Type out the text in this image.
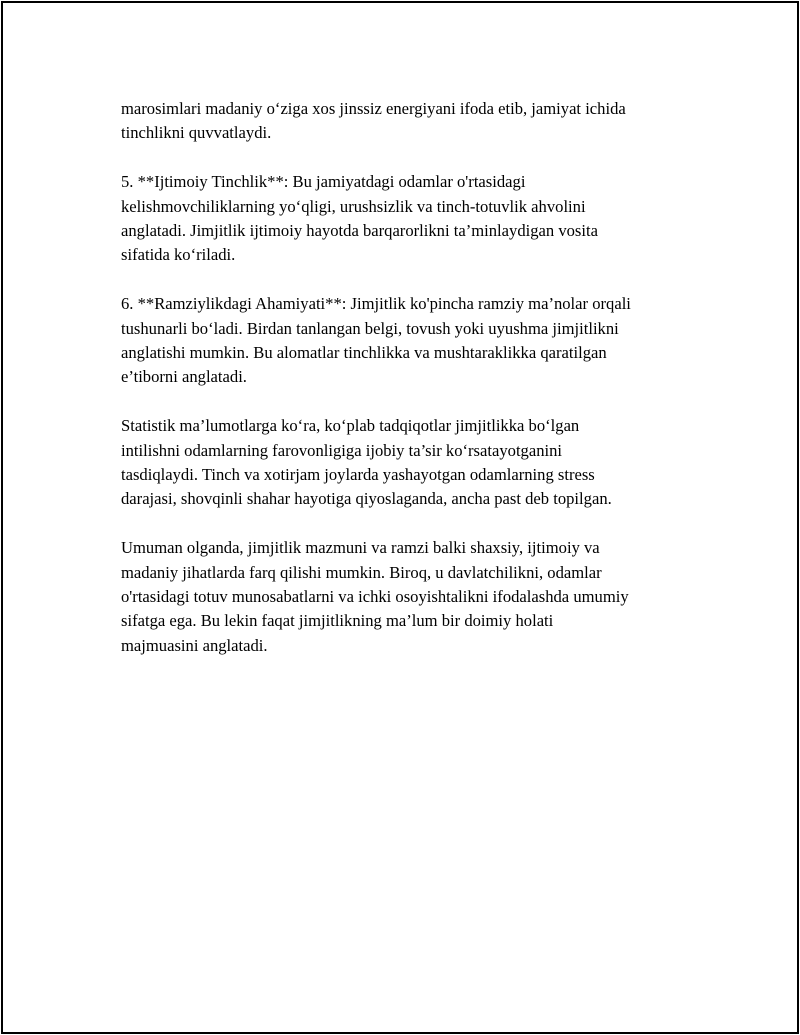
marosimlari madaniy o‘ziga xos jinssiz energiyani ifoda etib, jamiyat ichida
tinchlikni quvvatlaydi.

5. **Ijtimoiy Tinchlik**: Bu jamiyatdagi odamlar o'rtasidagi
kelishmovchiliklarning yo‘qligi, urushsizlik va tinch-totuvlik ahvolini
anglatadi. Jimjitlik ijtimoiy hayotda barqarorlikni ta’minlaydigan vosita
sifatida ko‘riladi.

6. **Ramziylikdagi Ahamiyati**: Jimjitlik ko'pincha ramziy ma’nolar orqali
tushunarli bo‘ladi. Birdan tanlangan belgi, tovush yoki uyushma jimjitlikni
anglatishi mumkin. Bu alomatlar tinchlikka va mushtaraklikka qaratilgan
e’tiborni anglatadi.

Statistik ma’lumotlarga ko‘ra, ko‘plab tadqiqotlar jimjitlikka bo‘lgan
intilishni odamlarning farovonligiga ijobiy ta’sir ko‘rsatayotganini
tasdiqlaydi. Tinch va xotirjam joylarda yashayotgan odamlarning stress
darajasi, shovqinli shahar hayotiga qiyoslaganda, ancha past deb topilgan.

Umuman olganda, jimjitlik mazmuni va ramzi balki shaxsiy, ijtimoiy va
madaniy jihatlarda farq qilishi mumkin. Biroq, u davlatchilikni, odamlar
o'rtasidagi totuv munosabatlarni va ichki osoyishtalikni ifodalashda umumiy
sifatga ega. Bu lekin faqat jimjitlikning ma’lum bir doimiy holati
majmuasini anglatadi.
